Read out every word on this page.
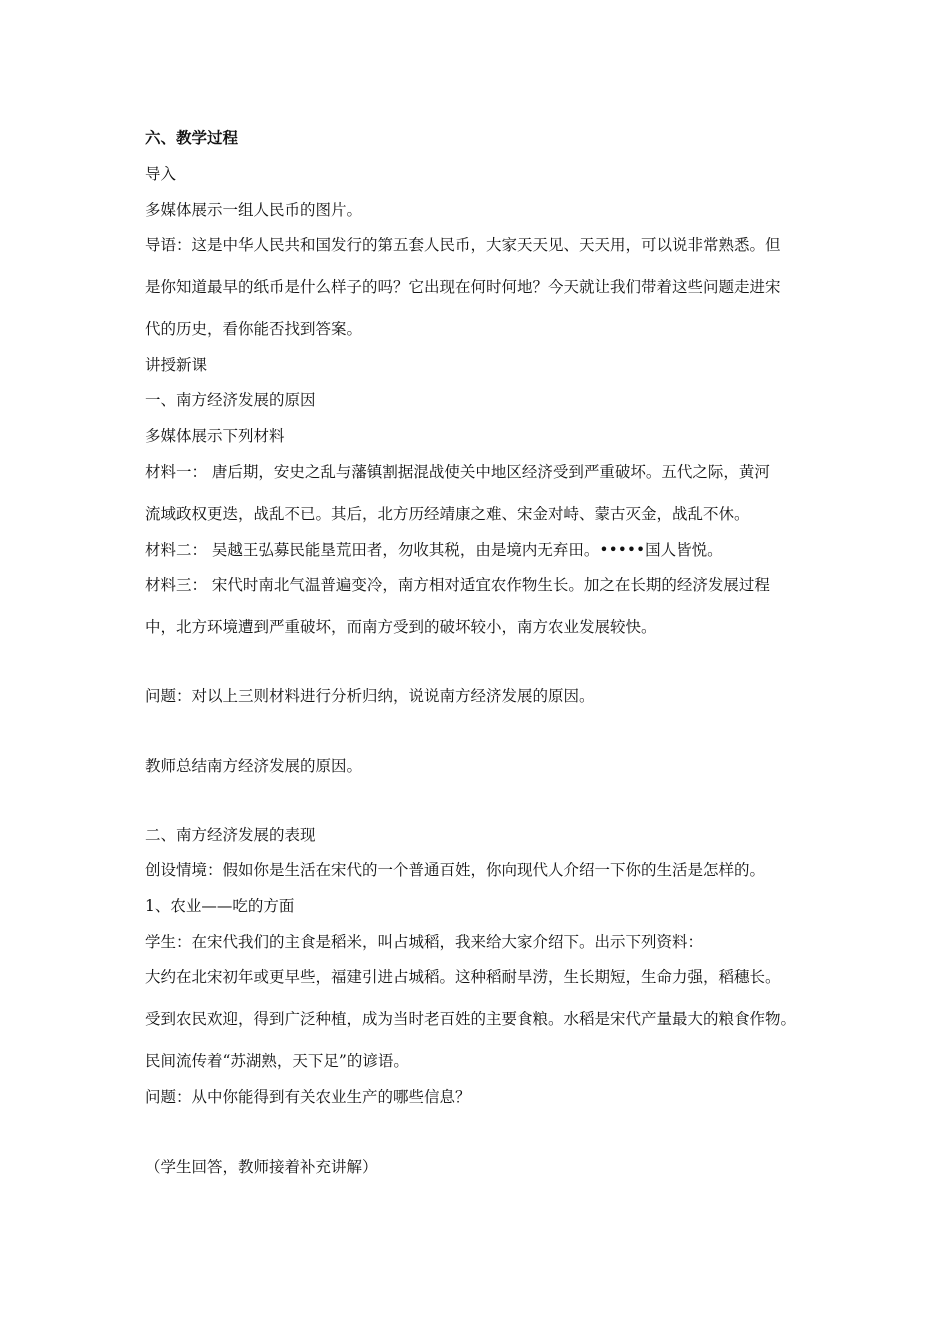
六、教学过程
导入
多媒体展示一组人民币的图片。
导语：这是中华人民共和国发行的第五套人民币，大家天天见、天天用，可以说非常熟悉。但
是你知道最早的纸币是什么样子的吗？它出现在何时何地？今天就让我们带着这些问题走进宋
代的历史，看你能否找到答案。
讲授新课
一、南方经济发展的原因
多媒体展示下列材料
材料一： 唐后期，安史之乱与藩镇割据混战使关中地区经济受到严重破坏。五代之际，黄河
流域政权更迭，战乱不已。其后，北方历经靖康之难、宋金对峙、蒙古灭金，战乱不休。
材料二： 吴越王弘募民能垦荒田者，勿收其税，由是境内无弃田。•••••国人皆悦。
材料三： 宋代时南北气温普遍变冷，南方相对适宜农作物生长。加之在长期的经济发展过程
中，北方环境遭到严重破坏，而南方受到的破坏较小，南方农业发展较快。
问题：对以上三则材料进行分析归纳，说说南方经济发展的原因。
教师总结南方经济发展的原因。
二、南方经济发展的表现
创设情境：假如你是生活在宋代的一个普通百姓，你向现代人介绍一下你的生活是怎样的。
1、农业——吃的方面
学生：在宋代我们的主食是稻米，叫占城稻，我来给大家介绍下。出示下列资料：
大约在北宋初年或更早些，福建引进占城稻。这种稻耐旱涝，生长期短，生命力强，稻穗长。
受到农民欢迎，得到广泛种植，成为当时老百姓的主要食粮。水稻是宋代产量最大的粮食作物。
民间流传着“苏湖熟，天下足”的谚语。
问题：从中你能得到有关农业生产的哪些信息？
（学生回答，教师接着补充讲解）
